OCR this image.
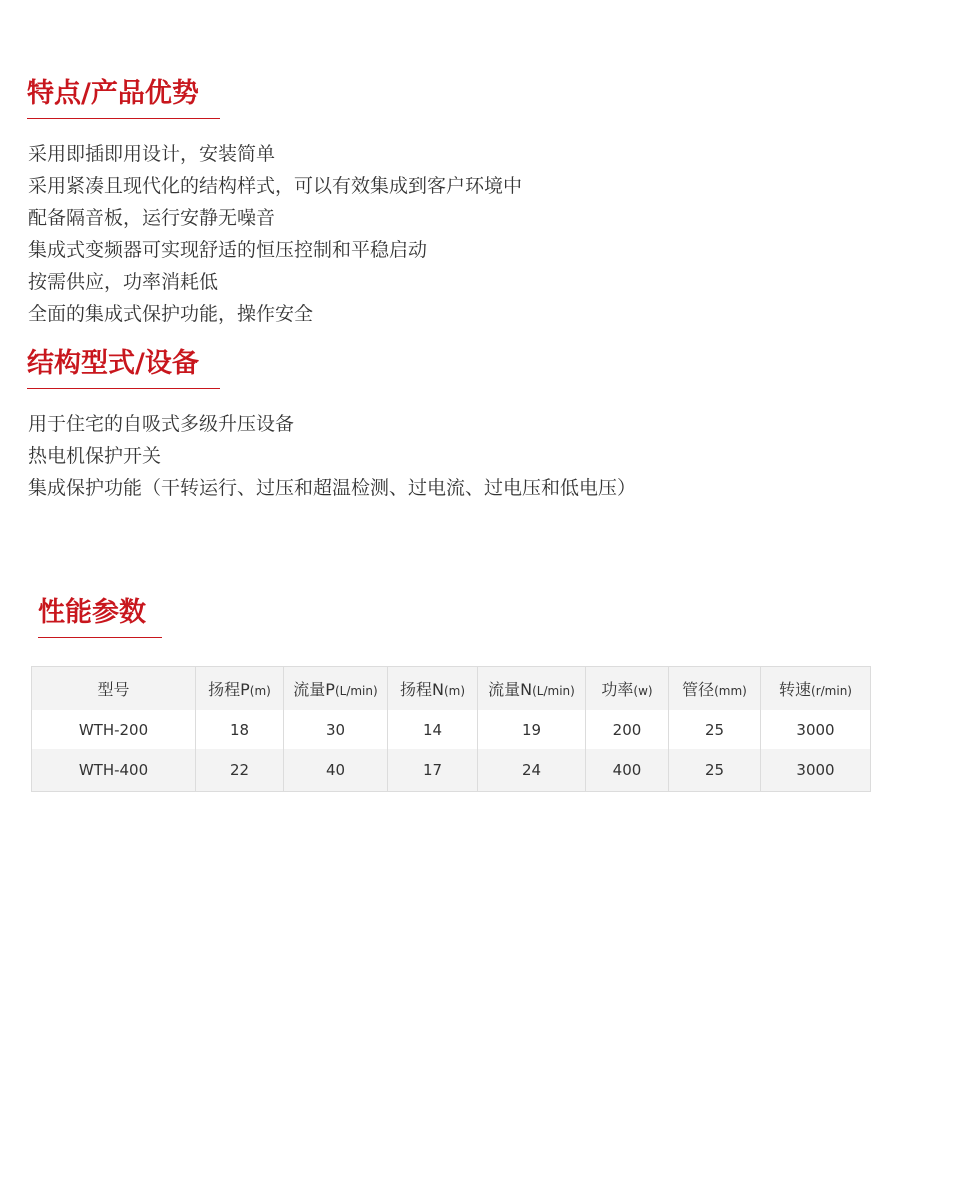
特点/产品优势
采用即插即用设计，安装简单
采用紧凑且现代化的结构样式，可以有效集成到客户环境中
配备隔音板，运行安静无噪音
集成式变频器可实现舒适的恒压控制和平稳启动
按需供应，功率消耗低
全面的集成式保护功能，操作安全
结构型式/设备
用于住宅的自吸式多级升压设备
热电机保护开关
集成保护功能（干转运行、过压和超温检测、过电流、过电压和低电压）
性能参数
型号	扬程P(m)	流量P(L/min)	扬程N(m)	流量N(L/min)	功率(w)	管径(mm)	转速(r/min)
WTH-200	18	30	14	19	200	25	3000
WTH-400	22	40	17	24	400	25	3000
